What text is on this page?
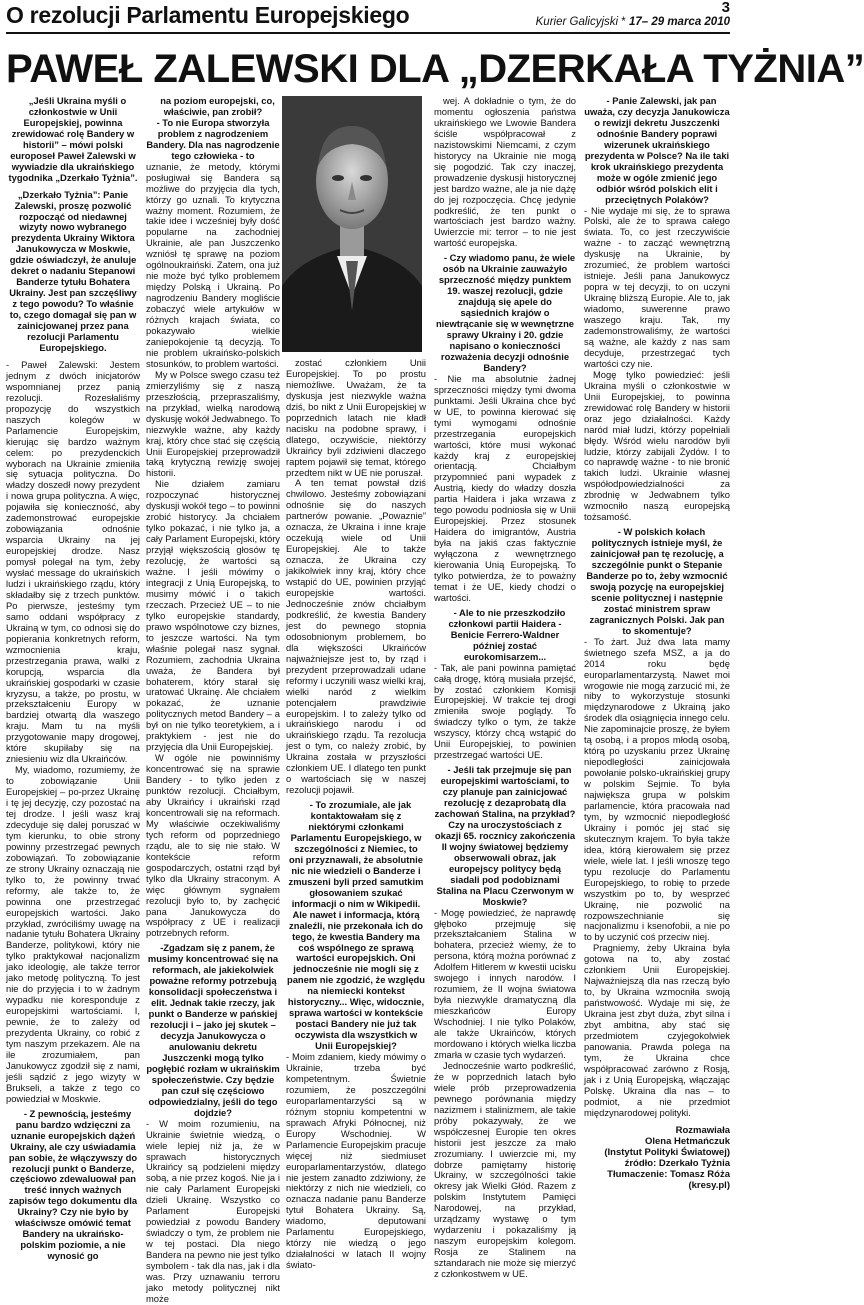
O rezolucji Parlamentu Europejskiego	3
Kurier Galicyjski * 17– 29 marca 2010
PAWEŁ ZALEWSKI DLA „DZERKAŁA TYŻNIA”

„Jeśli Ukraina myśli o członkostwie w Unii Europejskiej, powinna zrewidować rolę Bandery w historii” – mówi polski europoseł Paweł Zalewski w wywiadzie dla ukraińskiego tygodnika „Dzerkało Tyżnia”.

„Dzerkało Tyżnia”: Panie Zalewski, proszę pozwolić rozpocząć od niedawnej wizyty nowo wybranego prezydenta Ukrainy Wiktora Janukowycza w Moskwie, gdzie oświadczył, że anuluje dekret o nadaniu Stepanowi Banderze tytułu Bohatera Ukrainy. Jest pan szczęśliwy z tego powodu? To właśnie to, czego domagał się pan w zainicjowanej przez pana rezolucji Parlamentu Europejskiego.

- Paweł Zalewski: Jestem jednym z dwóch inicjatorów wspomnianej przez panią rezolucji. Rozesłaliśmy propozycję do wszystkich naszych kolegów w Parlamencie Europejskim, kierując się bardzo ważnym celem: po prezydenckich wyborach na Ukrainie zmieniła się sytuacja polityczna. Do władzy doszedł nowy prezydent i nowa grupa polityczna. A więc, pojawiła się konieczność, aby zademonstrować europejskie zobowiązania odnośnie wsparcia Ukrainy na jej europejskiej drodze. Nasz pomysł polegał na tym, żeby wysłać message do ukraińskich ludzi i ukraińskiego rządu, który składałby się z trzech punktów. Po pierwsze, jesteśmy tym samo oddani współpracy z Ukrainą w tym, co odnosi się do popierania konkretnych reform, wzmocnienia kraju, przestrzegania prawa, walki z korupcją, wsparcia dla ukraińskiej gospodarki w czasie kryzysu, a także, po prostu, w przekształceniu Europy w bardziej otwartą dla waszego kraju. Mam tu na myśli przygotowanie mapy drogowej, które skupiłaby się na zniesieniu wiz dla Ukraińców.

My, wiadomo, rozumiemy, że to zobowiązanie Unii Europejskiej – po-przez Ukrainę i tę jej decyzję, czy pozostać na tej drodze. I jeśli wasz kraj zdecyduje się dalej poruszać w tym kierunku, to obie strony powinny przestrzegać pewnych zobowiązań. To zobowiązanie ze strony Ukrainy oznaczają nie tylko to, że powinny trwać reformy, ale także to, że powinna one przestrzegać europejskich wartości. Jako przykład, zwróciliśmy uwagę na nadanie tytułu Bohatera Ukrainy Banderze, politykowi, który nie tylko praktykował nacjonalizm jako ideologię, ale także terror jako metodę polityczną. To jest nie do przyjęcia i to w żadnym wypadku nie koresponduje z europejskimi wartościami. I, pewnie, że to zależy od prezydenta Ukrainy, co robić z tym naszym przekazem. Ale na ile zrozumiałem, pan Janukowycz zgodził się z nami, jeśli sądzić z jego wizyty w Brukseli, a także z tego co powiedział w Moskwie.

- Z pewnością, jesteśmy panu bardzo wdzięczni za uznanie europejskich dążeń Ukrainy, ale czy uświadamia pan sobie, że włączywszy do rezolucji punkt o Banderze, częściowo zdewaluował pan treść innych ważnych zapisów tego dokumentu dla Ukrainy? Czy nie było by właściwsze omówić temat Bandery na ukraińsko-polskim poziomie, a nie wynosić go

na poziom europejski, co, właściwie, pan zrobił?

- To nie Europa stworzyła problem z nagrodzeniem Bandery. Dla nas nagrodzenie tego człowieka - to

uznanie, że metody, którymi posługiwał się Bandera są możliwe do przyjęcia dla tych, którzy go uznali. To krytyczna ważny moment. Rozumiem, że takie idee i wcześniej były dość popularne na zachodniej Ukrainie, ale pan Juszczenko wzniósł tę sprawę na poziom ogólnoukraiński. Zatem, ona już nie może być tylko problemem między Polską i Ukrainą. Po nagrodzeniu Bandery mogliście zobaczyć wiele artykułów w różnych krajach świata, co pokazywało wielkie zaniepokojenie tą decyzją. To nie problem ukraińsko-polskich stosunków, to problem wartości.

My w Polsce swego czasu też zmierzyliśmy się z naszą przeszłością, przepraszaliśmy, na przykład, wielką narodową dyskusję wokół Jedwabnego. To niezwykle ważne, aby każdy kraj, który chce stać się częścią Unii Europejskiej przeprowadził taką krytyczną rewizję swojej historii.

Nie działem zamiaru rozpoczynać historycznej dyskusji wokół tego – to powinni zrobić historycy. Ja chciałem tylko pokazać, i nie tylko ja, a cały Parlament Europejski, który przyjął większością głosów tę rezolucję, że wartości są ważne. I jeśli mówimy o integracji z Unią Europejską, to musimy mówić i o takich rzeczach. Przecież UE – to nie tylko europejskie standardy, prawo wspólnotowe czy biznes, to jeszcze wartości. Na tym właśnie polegał nasz sygnał. Rozumiem, zachodnia Ukraina uważa, że Bandera był bohaterem, który starał się uratować Ukrainę. Ale chciałem pokazać, że uznanie politycznych metod Bandery – a był on nie tylko teoretykiem, a i praktykiem - jest nie do przyjęcia dla Unii Europejskiej.

W ogóle nie powinniśmy koncentrować się na sprawie Bandery - to tylko jeden z punktów rezolucji. Chciałbym, aby Ukraińcy i ukraiński rząd koncentrowali się na reformach. My właściwie oczekiwaliśmy tych reform od poprzedniego rządu, ale to się nie stało. W kontekście reform gospodarczych, ostatni rząd był tylko dla Ukrainy straconym. A więc głównym sygnałem rezolucji było to, by zachęcić pana Janukowycza do współpracy z UE i realizacji potrzebnych reform.

-Zgadzam się z panem, że musimy koncentrować się na reformach, ale jakiekolwiek poważne reformy potrzebują konsolidacji społeczeństwa i elit. Jednak takie rzeczy, jak punkt o Banderze w pańskiej rezolucji i – jako jej skutek – decyzja Janukowycza o anulowaniu dekretu Juszczenki mogą tylko pogłębić rozłam w ukraińskim społeczeństwie. Czy będzie pan czuł się częściowo odpowiedzialny, jeśli do tego dojdzie?

- W moim rozumieniu, na Ukrainie świetnie wiedzą, o wiele lepiej niż ja, że w sprawach historycznych Ukraińcy są podzieleni między sobą, a nie przez kogoś. Nie ja i nie cały Parlament Europejski dzieli Ukrainę. Wszystko co Parlament Europejski powiedział z powodu Bandery świadczy o tym, że problem nie w tej postaci. Dla niego Bandera na pewno nie jest tylko symbolem - tak dla nas, jak i dla was. Przy uznawaniu terroru jako metody politycznej nikt może

zostać członkiem Unii Europejskiej. To po prostu niemożliwe. Uważam, że ta dyskusja jest niezwykle ważna dziś, bo nikt z Unii Europejskiej w poprzednich latach nie kładł nacisku na podobne sprawy, i dlatego, oczywiście, niektórzy Ukraińcy byli zdziwieni dlaczego raptem pojawił się temat, którego przedtem nikt w UE nie poruszał.

A ten temat powstał dziś chwilowo. Jesteśmy zobowiązani odnośnie się do naszych partnerów powanie. „Powaznie” oznacza, że Ukraina i inne kraje oczekują wiele od Unii Europejskiej. Ale to także oznacza, że Ukraina czy jakikolwiek inny kraj, który chce wstąpić do UE, powinien przyjąć europejskie wartości. Jednocześnie znów chciałbym podkreślić, że kwestia Bandery jest do pewnego stopnia odosobnionym problemem, bo dla większości Ukraińców najważniejsze jest to, by rząd i prezydent przeprowadzali udane reformy i uczynili wasz wielki kraj, wielki naród z wielkim potencjałem prawdziwie europejskim. I to zależy tylko od ukraińskiego narodu i od ukraińskiego rządu. Ta rezolucja jest o tym, co należy zrobić, by Ukraina została w przyszłości członkiem UE. I dlatego ten punkt o wartościach się w naszej rezolucji pojawił.

- To zrozumiale, ale jak kontaktowałam się z niektórymi członkami Parlamentu Europejskiego, w szczególności z Niemiec, to oni przyznawali, że absolutnie nic nie wiedzieli o Banderze i zmuszeni byli przed samutkim głosowaniem szukać informacji o nim w Wikipedii. Ale nawet i informacja, którą znaleźli, nie przekonała ich do tego, że kwestia Bandery ma coś wspólnego ze sprawą wartości europejskich. Oni jednocześnie nie mogli się z panem nie zgodzić, że względu na niemiecki kontekst historyczny... Więc, widocznie, sprawa wartości w kontekście postaci Bandery nie już tak oczywista dla wszystkich w Unii Europejskiej?

- Moim zdaniem, kiedy mówimy o Ukrainie, trzeba być kompetentnym. Świetnie rozumiem, że poszczególni europarlamentarzyści są w różnym stopniu kompetentni w sprawach Afryki Północnej, niż Europy Wschodniej. W Parlamencie Europejskim pracuje więcej niż siedmiuset europarlamentarzystów, dlatego nie jestem zanadto zdziwiony, że niektórzy z nich nie wiedzieli, co oznacza nadanie panu Banderze tytuł Bohatera Ukrainy. Są, wiadomo, deputowani Parlamentu Europejskiego, którzy nie wiedzą o jego działalności w latach II wojny świato-

wej. A dokładnie o tym, że do momentu ogłoszenia państwa ukraińskiego we Lwowie Bandera ściśle współpracował z nazistowskimi Niemcami, z czym historycy na Ukrainie nie mogą się pogodzić. Tak czy inaczej, prowadzenie dyskusji historycznej jest bardzo ważne, ale ja nie dążę do jej rozpoczęcia. Chcę jedynie podkreślić, że ten punkt o wartościach jest bardzo ważny. Uwierzcie mi: terror – to nie jest wartość europejska.

- Czy wiadomo panu, że wiele osób na Ukrainie zauważyło sprzeczność między punktem 19. waszej rezolucji, gdzie znajdują się apele do sąsiednich krajów o niewtrącanie się w wewnętrzne sprawy Ukrainy i 20. gdzie napisano o konieczności rozważenia decyzji odnośnie Bandery?

- Nie ma absolutnie żadnej sprzeczności między tymi dwoma punktami. Jeśli Ukraina chce być w UE, to powinna kierować się tymi wymogami odnośnie przestrzegania europejskich wartości, które musi wykonać każdy kraj z europejskiej orientacją. Chciałbym przypomnieć pani wypadek z Austrią, kiedy do władzy doszła partia Haidera i jaka wrzawa z tego powodu podniosła się w Unii Europejskiej. Przez stosunek Haidera do imigrantów, Austria była na jakiś czas faktycznie wyłączona z wewnętrznego kierowania Unią Europejską. To tylko potwierdza, że to poważny temat i że UE, kiedy chodzi o wartości.

- Ale to nie przeszkodziło członkowi partii Haidera - Benicie Ferrero-Waldner później zostać eurokomisarzem...

- Tak, ale pani powinna pamiętać całą drogę, którą musiała przejść, by zostać członkiem Komisji Europejskiej. W trakcie tej drogi zmieniła swoje poglądy. To świadczy tylko o tym, że także wszyscy, którzy chcą wstąpić do Unii Europejskiej, to powinien przestrzegać wartości UE.

- Jeśli tak przejmuje się pan europejskimi wartościami, to czy planuje pan zainicjować rezolucję z dezaprobatą dla zachowań Stalina, na przykład? Czy na uroczystościach z okazji 65. rocznicy zakończenia II wojny światowej będziemy obserwowali obraz, jak europejscy politycy będą siadali pod podobiznami Stalina na Placu Czerwonym w Moskwie?

- Mogę powiedzieć, że naprawdę głęboko przejmuję się przekształcaniem Stalina w bohatera, przecież wiemy, że to persona, którą można porównać z Adolfem Hitlerem w kwestii ucisku swojego i innych narodów. I rozumiem, że II wojna światowa była niezwykle dramatyczną dla mieszkańców Europy Wschodniej. I nie tylko Polaków, ale także Ukraińców, których mordowano i których wielka liczba zmarła w czasie tych wydarzeń.

Jednocześnie warto podkreślić, że w poprzednich latach było wiele prób przeprowadzenia pewnego porównania między nazizmem i stalinizmem, ale takie próby pokazywały, że we współczesnej Europie ten okres historii jest jeszcze za mało zrozumiany. I uwierzcie mi, my dobrze pamiętamy historię Ukrainy, w szczególności takie okresy jak Wielki Głód. Razem z polskim Instytutem Pamięci Narodowej, na przykład, urządzamy wystawę o tym wydarzeniu i pokazaliśmy ją naszym europejskim kolegom. Rosja ze Stalinem na sztandarach nie może się mierzyć z członkostwem w UE.

- Panie Zalewski, jak pan uważa, czy decyzja Janukowicza o rewizji dekretu Juszczenki odnośnie Bandery poprawi wizerunek ukraińskiego prezydenta w Polsce? Na ile taki krok ukraińskiego prezydenta może w ogóle zmienić jego odbiór wśród polskich elit i przeciętnych Polaków?

- Nie wydaje mi się, że to sprawa Polski, ale że to sprawa całego świata. To, co jest rzeczywiście ważne - to zacząć wewnętrzną dyskusję na Ukrainie, by zrozumieć, że problem wartości istnieje. Jeśli pana Janukowycz popra w tej decyzji, to on uczyni Ukrainę bliższą Europie. Ale to, jak wiadomo, suwerenne prawo waszego kraju. Tak, my zademonstrowaliśmy, że wartości są ważne, ale każdy z nas sam decyduje, przestrzegać tych wartości czy nie.

Mogę tylko powiedzieć: jeśli Ukraina myśli o członkostwie w Unii Europejskiej, to powinna zrewidować rolę Bandery w historii oraz jego działalności. Każdy naród miał ludzi, którzy popełniali błędy. Wśród wielu narodów byli ludzie, którzy zabijali Żydów. I to co naprawdę ważne - to nie bronić takich ludzi. Ukrainie własnej współodpowiedzialności za zbrodnię w Jedwabnem tylko wzmocniło naszą europejską tożsamość.

- W polskich kołach politycznych istnieje myśl, że zainicjował pan tę rezolucję, a szczególnie punkt o Stepanie Banderze po to, żeby wzmocnić swoją pozycję na europejskiej scenie politycznej i następnie zostać ministrem spraw zagranicznych Polski. Jak pan to skomentuje?

- To żart. Już dwa lata mamy świetnego szefa MSZ, a ja do 2014 roku będę europarlamentarzystą. Nawet moi wrogowie nie mogą zarzucić mi, że niby to wykorzystuje stosunki międzynarodowe z Ukrainą jako środek dla osiągnięcia innego celu. Nie zapominajcie proszę, że byłem tą osobą, i a propos młodą osobą, którą po uzyskaniu przez Ukrainę niepodległości zainicjowała powołanie polsko-ukraińskiej grupy w polskim Sejmie. To była największa grupa w polskim parlamencie, która pracowała nad tym, by wzmocnić niepodległość Ukrainy i pomóc jej stać się skutecznym krajem. To była także idea, którą kierowałem się przez wiele, wiele lat. I jeśli wnoszę tego typu rezolucje do Parlamentu Europejskiego, to robię to przede wszystkim po to, by wesprzeć Ukrainę, nie pozwolić na rozpowszechnianie się nacjonalizmu i ksenofobii, a nie po to by uczynić coś przeciw niej.

Pragniemy, żeby Ukraina była gotowa na to, aby zostać członkiem Unii Europejskiej. Najważniejszą dla nas rzeczą było to, by Ukraina wzmocniła swoją państwowość. Wydaje mi się, że Ukraina jest zbyt duża, zbyt silna i zbyt ambitna, aby stać się przedmiotem czyjegokolwiek panowania. Prawda polega na tym, że Ukraina chce współpracować zarówno z Rosją, jak i z Unią Europejską, włączając Polskę. Ukraina dla nas – to podmiot, a nie przedmiot międzynarodowej polityki.

Rozmawiała
Olena Hetmańczuk
(Instytut Polityki Światowej)
źródło: Dzerkało Tyżnia
Tłumaczenie: Tomasz Róża
(kresy.pl)
